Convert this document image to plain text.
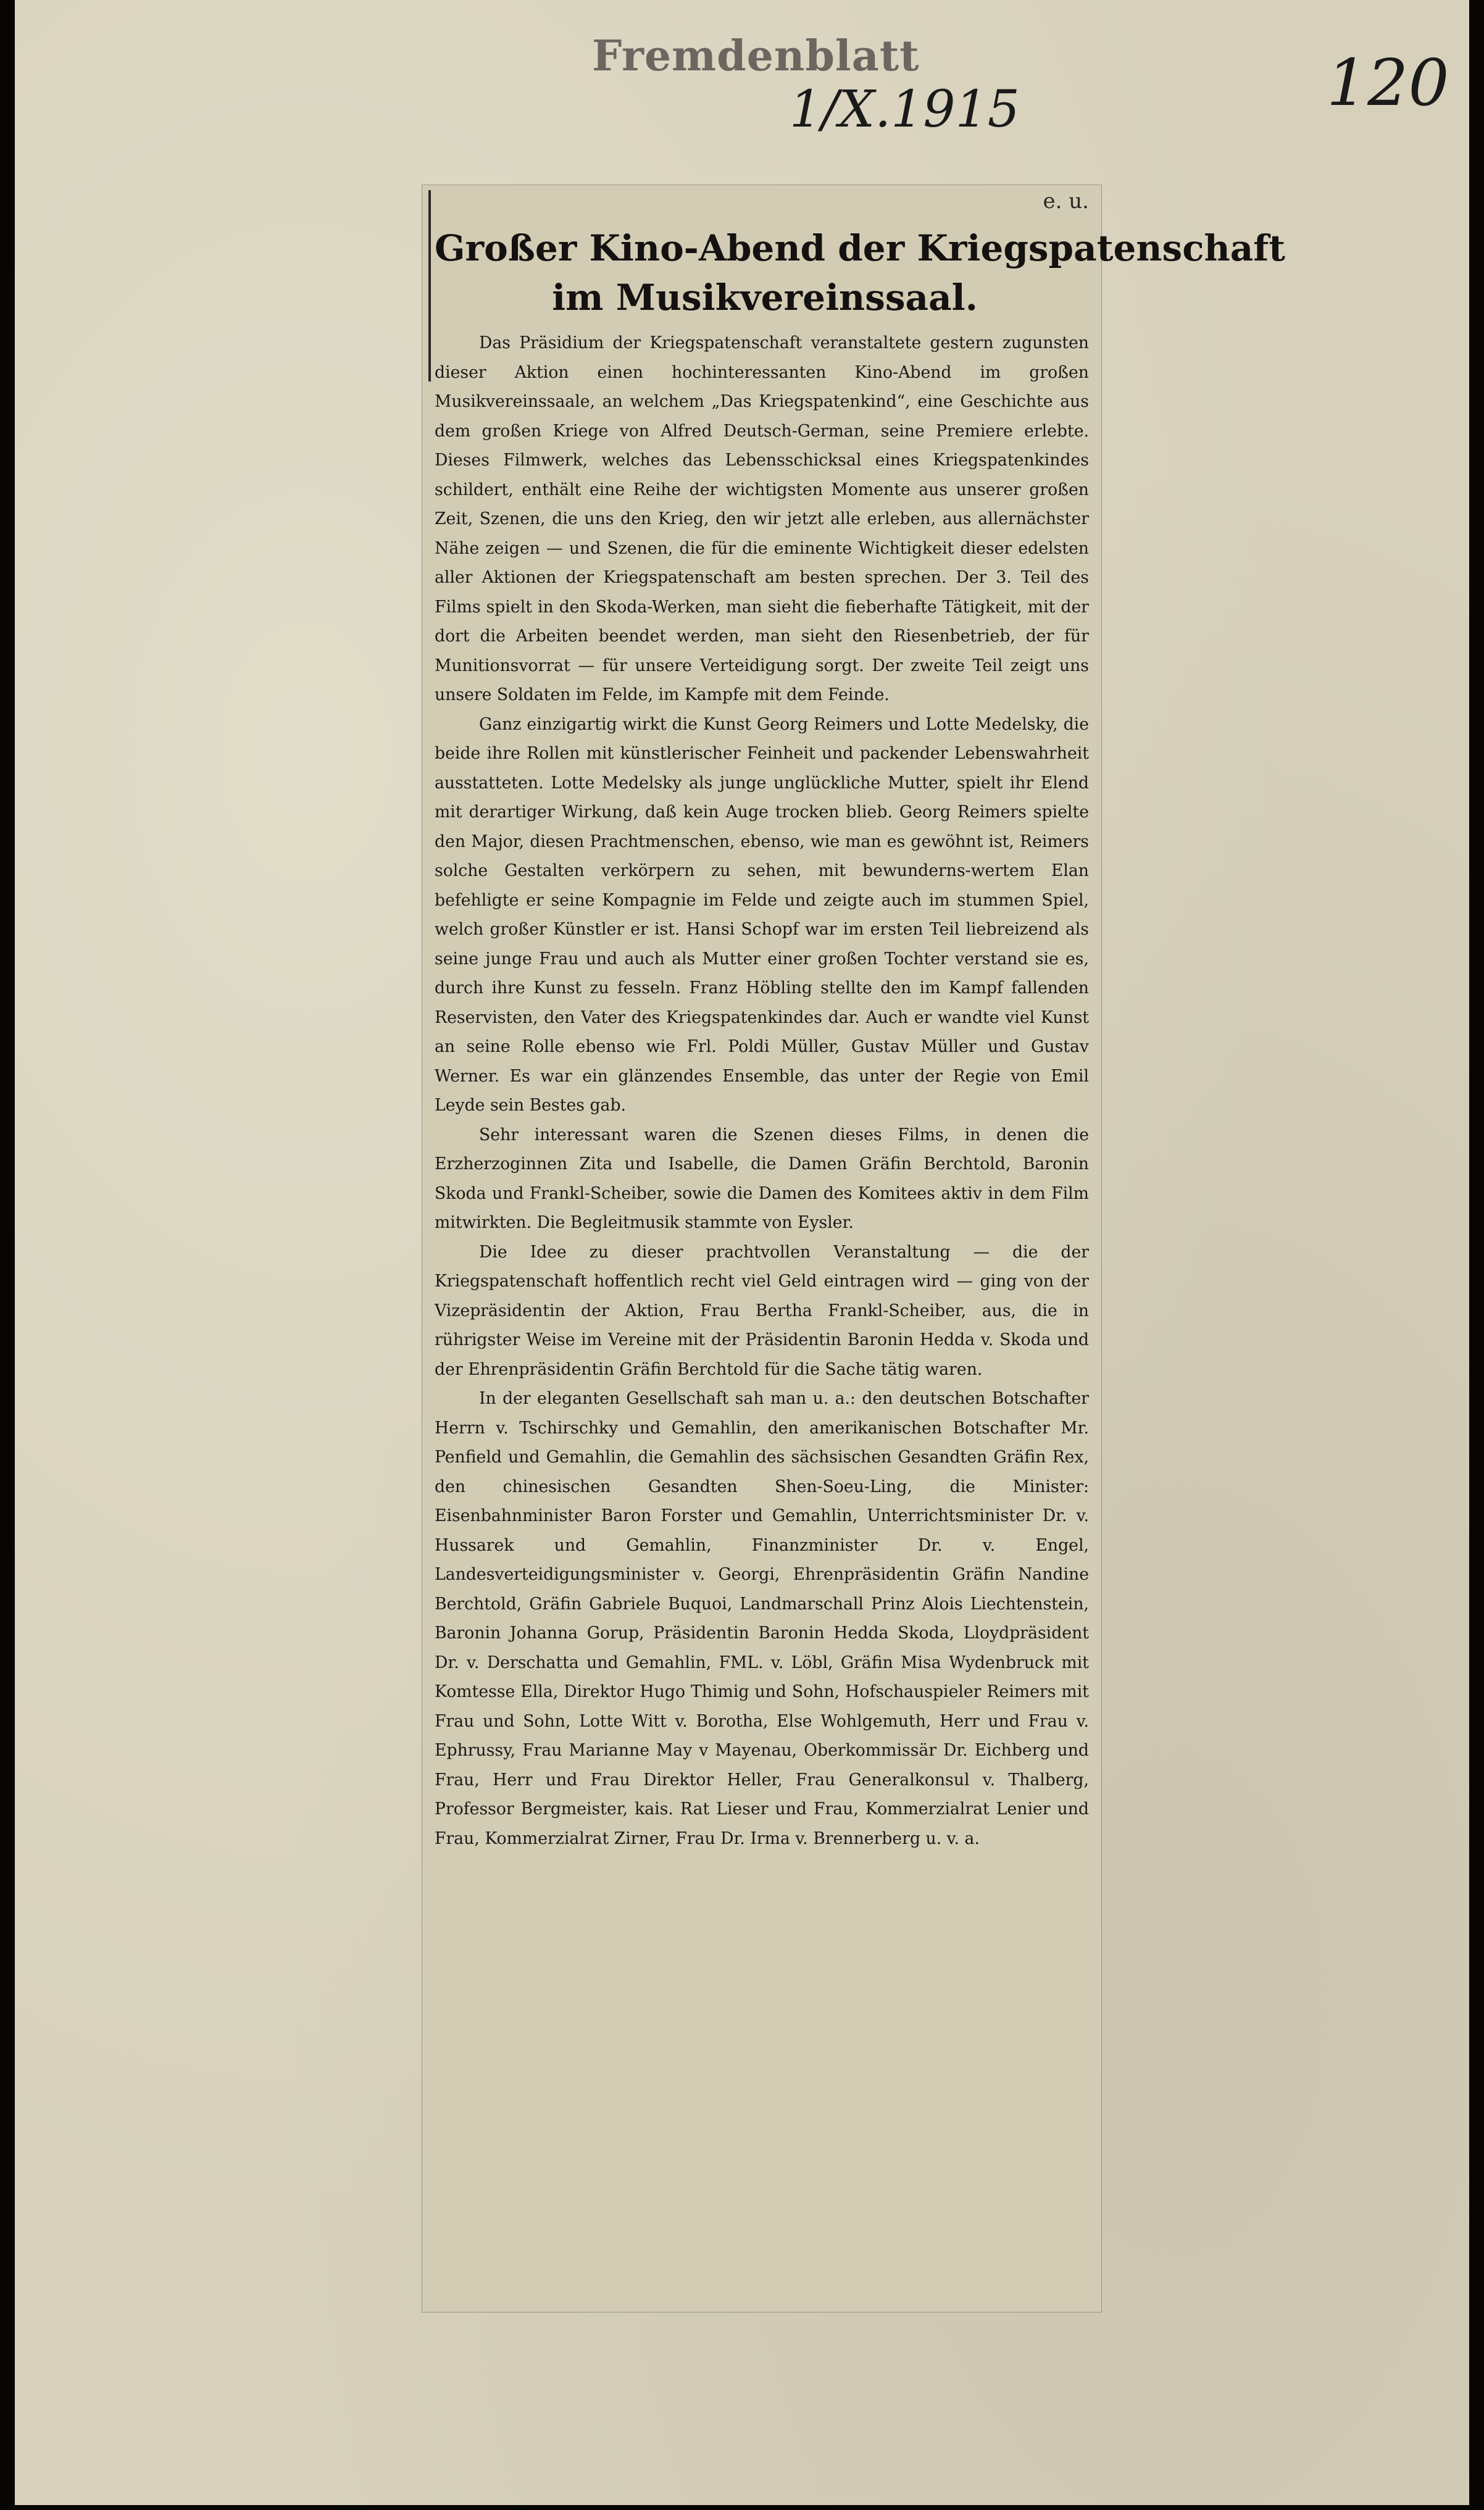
Fremdenblatt
1/X.1915	120
e. u.
Großer Kino-Abend der Kriegspatenschaft
im Musikvereinssaal.

Das Präsidium der Kriegspatenschaft veranstaltete gestern zugunsten dieser Aktion einen hochinteressanten Kino-Abend im großen Musikvereinssaale, an welchem „Das Kriegspatenkind“, eine Geschichte aus dem großen Kriege von Alfred Deutsch-German, seine Premiere erlebte. Dieses Filmwerk, welches das Lebensschicksal eines Kriegspatenkindes schildert, enthält eine Reihe der wichtigsten Momente aus unserer großen Zeit, Szenen, die uns den Krieg, den wir jetzt alle erleben, aus allernächster Nähe zeigen — und Szenen, die für die eminente Wichtigkeit dieser edelsten aller Aktionen der Kriegspatenschaft am besten sprechen. Der 3. Teil des Films spielt in den Skoda-Werken, man sieht die fieberhafte Tätigkeit, mit der dort die Arbeiten beendet werden, man sieht den Riesenbetrieb, der für Munitionsvorrat — für unsere Verteidigung sorgt. Der zweite Teil zeigt uns unsere Soldaten im Felde, im Kampfe mit dem Feinde.

Ganz einzigartig wirkt die Kunst Georg Reimers und Lotte Medelsky, die beide ihre Rollen mit künstlerischer Feinheit und packender Lebenswahrheit ausstatteten. Lotte Medelsky als junge unglückliche Mutter, spielt ihr Elend mit derartiger Wirkung, daß kein Auge trocken blieb. Georg Reimers spielte den Major, diesen Prachtmenschen, ebenso, wie man es gewöhnt ist, Reimers solche Gestalten verkörpern zu sehen, mit bewunderns-wertem Elan befehligte er seine Kompagnie im Felde und zeigte auch im stummen Spiel, welch großer Künstler er ist. Hansi Schopf war im ersten Teil liebreizend als seine junge Frau und auch als Mutter einer großen Tochter verstand sie es, durch ihre Kunst zu fesseln. Franz Höbling stellte den im Kampf fallenden Reservisten, den Vater des Kriegspatenkindes dar. Auch er wandte viel Kunst an seine Rolle ebenso wie Frl. Poldi Müller, Gustav Müller und Gustav Werner. Es war ein glänzendes Ensemble, das unter der Regie von Emil Leyde sein Bestes gab.

Sehr interessant waren die Szenen dieses Films, in denen die Erzherzoginnen Zita und Isabelle, die Damen Gräfin Berchtold, Baronin Skoda und Frankl-Scheiber, sowie die Damen des Komitees aktiv in dem Film mitwirkten. Die Begleitmusik stammte von Eysler.

Die Idee zu dieser prachtvollen Veranstaltung — die der Kriegspatenschaft hoffentlich recht viel Geld eintragen wird — ging von der Vizepräsidentin der Aktion, Frau Bertha Frankl-Scheiber, aus, die in rührigster Weise im Vereine mit der Präsidentin Baronin Hedda v. Skoda und der Ehrenpräsidentin Gräfin Berchtold für die Sache tätig waren.

In der eleganten Gesellschaft sah man u. a.: den deutschen Botschafter Herrn v. Tschirschky und Gemahlin, den amerikanischen Botschafter Mr. Penfield und Gemahlin, die Gemahlin des sächsischen Gesandten Gräfin Rex, den chinesischen Gesandten Shen-Soeu-Ling, die Minister: Eisenbahnminister Baron Forster und Gemahlin, Unterrichtsminister Dr. v. Hussarek und Gemahlin, Finanzminister Dr. v. Engel, Landesverteidigungsminister v. Georgi, Ehrenpräsidentin Gräfin Nandine Berchtold, Gräfin Gabriele Buquoi, Landmarschall Prinz Alois Liechtenstein, Baronin Johanna Gorup, Präsidentin Baronin Hedda Skoda, Lloydpräsident Dr. v. Derschatta und Gemahlin, FML. v. Löbl, Gräfin Misa Wydenbruck mit Komtesse Ella, Direktor Hugo Thimig und Sohn, Hofschauspieler Reimers mit Frau und Sohn, Lotte Witt v. Borotha, Else Wohlgemuth, Herr und Frau v. Ephrussy, Frau Marianne May v Mayenau, Oberkommissär Dr. Eichberg und Frau, Herr und Frau Direktor Heller, Frau Generalkonsul v. Thalberg, Professor Bergmeister, kais. Rat Lieser und Frau, Kommerzialrat Lenier und Frau, Kommerzialrat Zirner, Frau Dr. Irma v. Brennerberg u. v. a.
